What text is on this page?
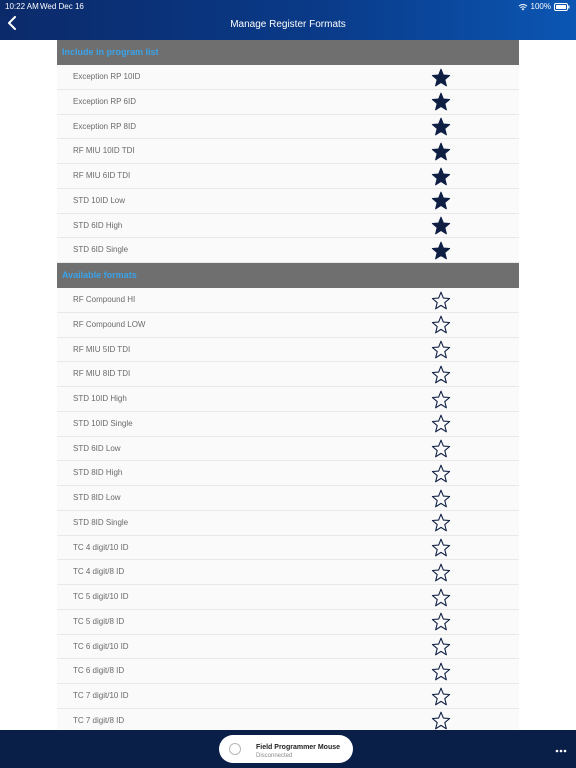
10:22 AM Wed Dec 16	100%
Manage Register Formats
Include in program list
Exception RP 10ID
Exception RP 6ID
Exception RP 8ID
RF MIU 10ID TDI
RF MIU 6ID TDI
STD 10ID Low
STD 6ID High
STD 6ID Single
Available formats
RF Compound HI
RF Compound LOW
RF MIU 5ID TDI
RF MIU 8ID TDI
STD 10ID High
STD 10ID Single
STD 6ID Low
STD 8ID High
STD 8ID Low
STD 8ID Single
TC 4 digit/10 ID
TC 4 digit/8 ID
TC 5 digit/10 ID
TC 5 digit/8 ID
TC 6 digit/10 ID
TC 6 digit/8 ID
TC 7 digit/10 ID
TC 7 digit/8 ID
Field Programmer Mouse
Disconnected
